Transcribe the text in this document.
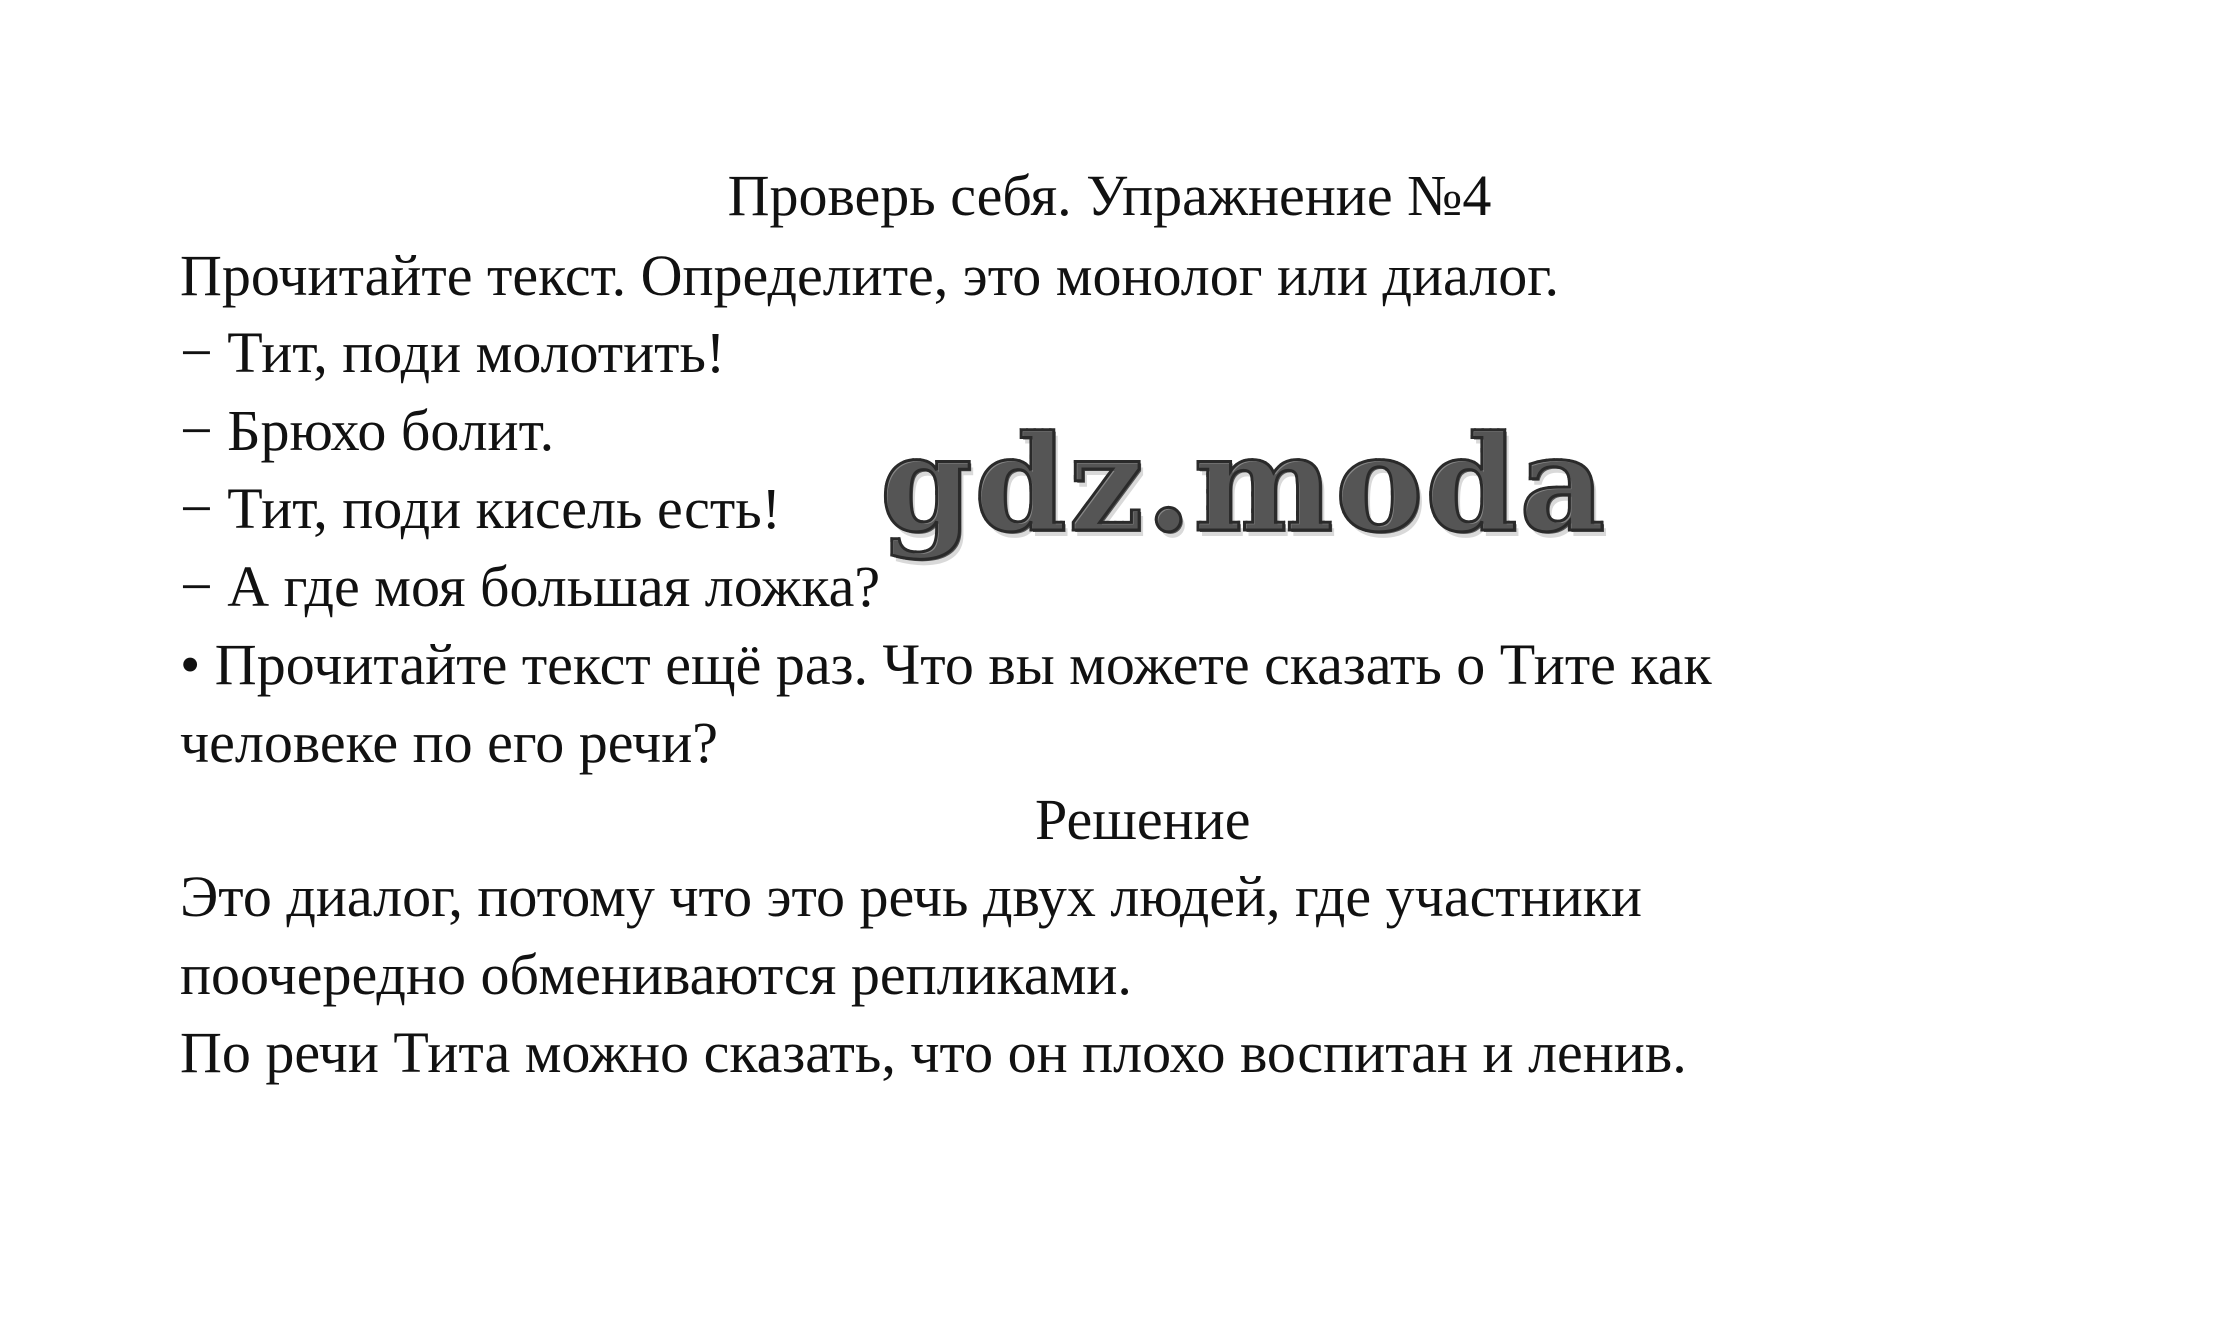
Проверь себя. Упражнение №4
Прочитайте текст. Определите, это монолог или диалог.
− Тит, поди молотить!
− Брюхо болит.
− Тит, поди кисель есть!
− А где моя большая ложка?
• Прочитайте текст ещё раз. Что вы можете сказать о Тите как
человеке по его речи?
Решение
Это диалог, потому что это речь двух людей, где участники
поочередно обмениваются репликами.
По речи Тита можно сказать, что он плохо воспитан и ленив.
gdz.moda
